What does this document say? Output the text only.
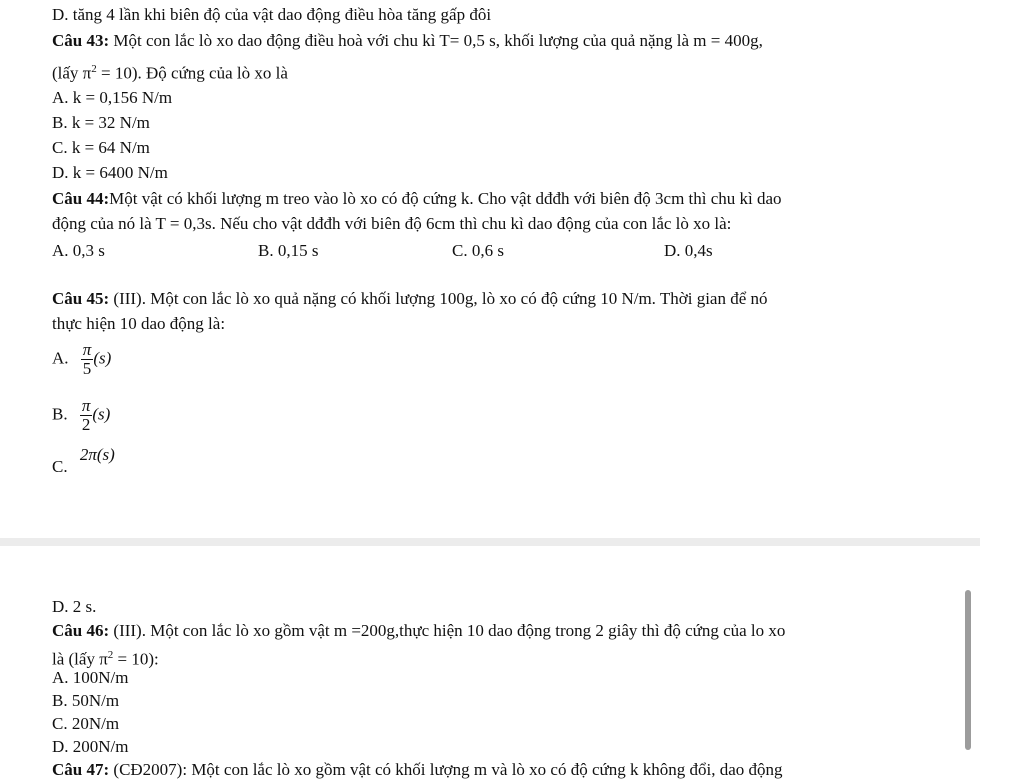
D. tăng 4 lần khi biên độ của vật dao động điều hòa tăng gấp đôi
Câu 43: Một con lắc lò xo dao động điều hoà với chu kì T= 0,5 s, khối lượng của quả nặng là m = 400g,
(lấy $\pi^2 = 10$). Độ cứng của lò xo là
A. k = 0,156 N/m
B. k = 32 N/m
C. k = 64 N/m
D. k = 6400 N/m
Câu 44:Một vật có khối lượng m treo vào lò xo có độ cứng k. Cho vật dđđh với biên độ 3cm thì chu kì dao
động của nó là T = 0,3s. Nếu cho vật dđđh với biên độ 6cm thì chu kì dao động của con lắc lò xo là:
A. 0,3 s	B. 0,15 s	C. 0,6 s	D. 0,4s
Câu 45: (III). Một con lắc lò xo quả nặng có khối lượng 100g, lò xo có độ cứng 10 N/m. Thời gian để nó
thực hiện 10 dao động là:
A. $\frac{\pi}{5} (s)$
B. $\frac{\pi}{2} (s)$
C. 2π(s)
D. 2 s.
Câu 46: (III). Một con lắc lò xo gồm vật m =200g,thực hiện 10 dao động trong 2 giây thì độ cứng của lo xo
là (lấy $\pi^2 = 10$):
A. 100N/m
B. 50N/m
C. 20N/m
D. 200N/m
Câu 47: (CĐ2007): Một con lắc lò xo gồm vật có khối lượng m và lò xo có độ cứng k không đổi, dao động
